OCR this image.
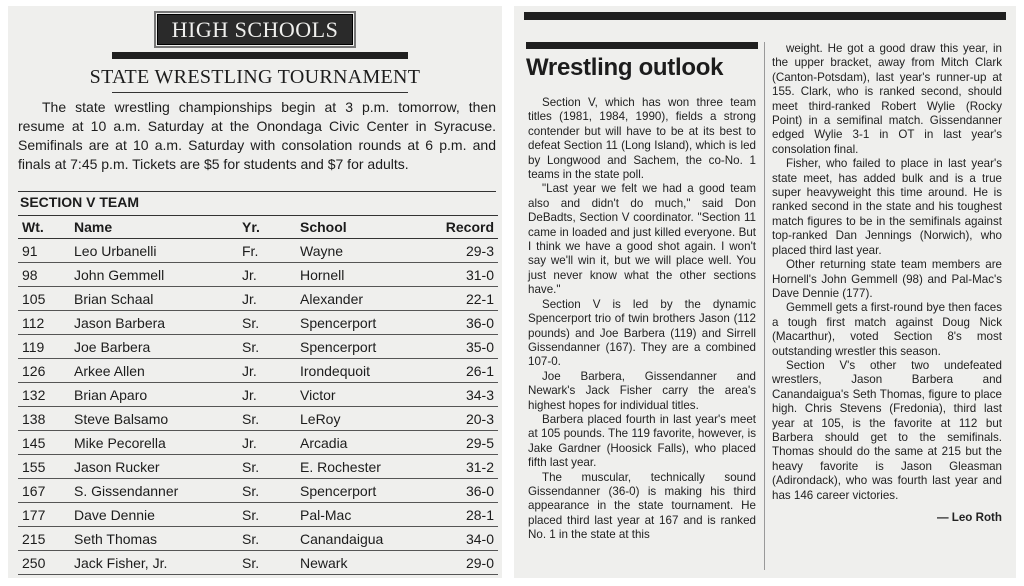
HIGH SCHOOLS
STATE WRESTLING TOURNAMENT

The state wrestling championships begin at 3 p.m. tomorrow, then resume at 10 a.m. Saturday at the Onondaga Civic Center in Syracuse. Semifinals are at 10 a.m. Saturday with consolation rounds at 6 p.m. and finals at 7:45 p.m. Tickets are $5 for students and $7 for adults.

SECTION V TEAM
Wt.	Name	Yr.	School	Record
91	Leo Urbanelli	Fr.	Wayne	29-3
98	John Gemmell	Jr.	Hornell	31-0
105	Brian Schaal	Jr.	Alexander	22-1
112	Jason Barbera	Sr.	Spencerport	36-0
119	Joe Barbera	Sr.	Spencerport	35-0
126	Arkee Allen	Jr.	Irondequoit	26-1
132	Brian Aparo	Jr.	Victor	34-3
138	Steve Balsamo	Sr.	LeRoy	20-3
145	Mike Pecorella	Jr.	Arcadia	29-5
155	Jason Rucker	Sr.	E. Rochester	31-2
167	S. Gissendanner	Sr.	Spencerport	36-0
177	Dave Dennie	Sr.	Pal-Mac	28-1
215	Seth Thomas	Sr.	Canandaigua	34-0
250	Jack Fisher, Jr.	Sr.	Newark	29-0
Wrestling outlook

Section V, which has won three team titles (1981, 1984, 1990), fields a strong contender but will have to be at its best to defeat Section 11 (Long Island), which is led by Longwood and Sachem, the co-No. 1 teams in the state poll.

"Last year we felt we had a good team also and didn't do much," said Don DeBadts, Section V coordinator. "Section 11 came in loaded and just killed everyone. But I think we have a good shot again. I won't say we'll win it, but we will place well. You just never know what the other sections have."

Section V is led by the dynamic Spencerport trio of twin brothers Jason (112 pounds) and Joe Barbera (119) and Sirrell Gissendanner (167). They are a combined 107-0.

Joe Barbera, Gissendanner and Newark's Jack Fisher carry the area's highest hopes for individual titles.

Barbera placed fourth in last year's meet at 105 pounds. The 119 favorite, however, is Jake Gardner (Hoosick Falls), who placed fifth last year.

The muscular, technically sound Gissendanner (36-0) is making his third appearance in the state tournament. He placed third last year at 167 and is ranked No. 1 in the state at this

weight. He got a good draw this year, in the upper bracket, away from Mitch Clark (Canton-Potsdam), last year's runner-up at 155. Clark, who is ranked second, should meet third-ranked Robert Wylie (Rocky Point) in a semifinal match. Gissendanner edged Wylie 3-1 in OT in last year's consolation final.

Fisher, who failed to place in last year's state meet, has added bulk and is a true super heavyweight this time around. He is ranked second in the state and his toughest match figures to be in the semifinals against top-ranked Dan Jennings (Norwich), who placed third last year.

Other returning state team members are Hornell's John Gemmell (98) and Pal-Mac's Dave Dennie (177).

Gemmell gets a first-round bye then faces a tough first match against Doug Nick (Macarthur), voted Section 8's most outstanding wrestler this season.

Section V's other two undefeated wrestlers, Jason Barbera and Canandaigua's Seth Thomas, figure to place high. Chris Stevens (Fredonia), third last year at 105, is the favorite at 112 but Barbera should get to the semifinals. Thomas should do the same at 215 but the heavy favorite is Jason Gleasman (Adirondack), who was fourth last year and has 146 career victories.

— Leo Roth
